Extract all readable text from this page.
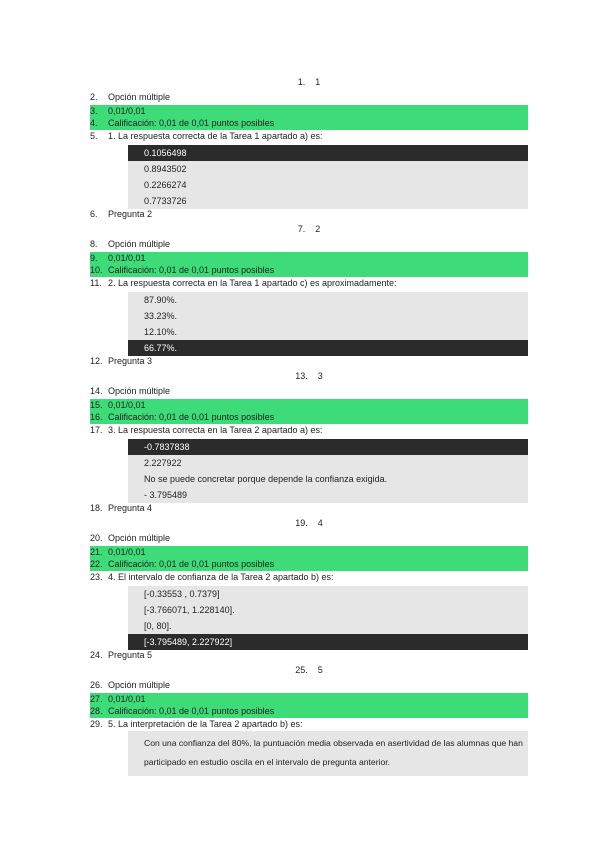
1. 1
2. Opción múltiple
3. 0,01/0,01
4. Calificación: 0,01 de 0,01 puntos posibles
5. 1. La respuesta correcta de la Tarea 1 apartado a) es:
0.1056498
0.8943502
0.2266274
0.7733726
6. Pregunta 2
7. 2
8. Opción múltiple
9. 0,01/0,01
10. Calificación: 0,01 de 0,01 puntos posibles
11. 2. La respuesta correcta en la Tarea 1 apartado c) es aproximadamente:
87.90%.
33.23%.
12.10%.
66.77%.
12. Pregunta 3
13. 3
14. Opción múltiple
15. 0,01/0,01
16. Calificación: 0,01 de 0,01 puntos posibles
17. 3. La respuesta correcta en la Tarea 2 apartado a) es:
-0.7837838
2.227922
No se puede concretar porque depende la confianza exigida.
- 3.795489
18. Pregunta 4
19. 4
20. Opción múltiple
21. 0,01/0,01
22. Calificación: 0,01 de 0,01 puntos posibles
23. 4. El intervalo de confianza de la Tarea 2 apartado b) es:
[-0.33553 , 0.7379]
[-3.766071, 1.228140].
[0, 80].
[-3.795489, 2.227922]
24. Pregunta 5
25. 5
26. Opción múltiple
27. 0,01/0,01
28. Calificación: 0,01 de 0,01 puntos posibles
29. 5. La interpretación de la Tarea 2 apartado b) es:
Con una confianza del 80%, la puntuación media observada en asertividad de las alumnas que han participado en estudio oscila en el intervalo de pregunta anterior.
